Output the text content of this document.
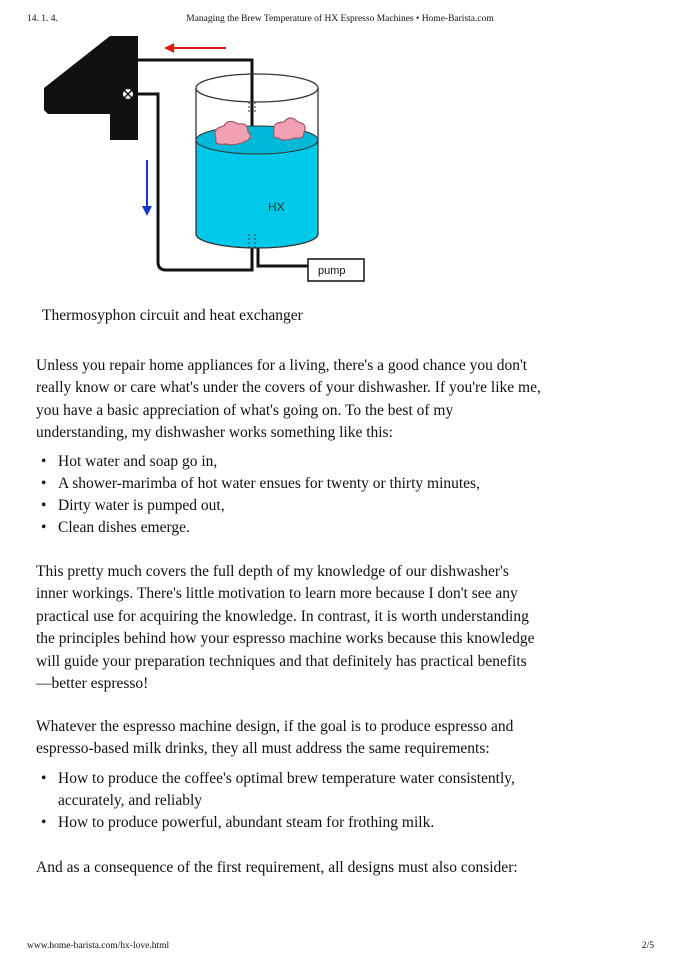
14. 1. 4.	Managing the Brew Temperature of HX Espresso Machines • Home-Barista.com
HX
pump
Thermosyphon circuit and heat exchanger

Unless you repair home appliances for a living, there's a good chance you don't
really know or care what's under the covers of your dishwasher. If you're like me,
you have a basic appreciation of what's going on. To the best of my
understanding, my dishwasher works something like this:

• Hot water and soap go in,
• A shower-marimba of hot water ensues for twenty or thirty minutes,
• Dirty water is pumped out,
• Clean dishes emerge.

This pretty much covers the full depth of my knowledge of our dishwasher's
inner workings. There's little motivation to learn more because I don't see any
practical use for acquiring the knowledge. In contrast, it is worth understanding
the principles behind how your espresso machine works because this knowledge
will guide your preparation techniques and that definitely has practical benefits
—better espresso!

Whatever the espresso machine design, if the goal is to produce espresso and
espresso-based milk drinks, they all must address the same requirements:

• How to produce the coffee's optimal brew temperature water consistently,
accurately, and reliably
• How to produce powerful, abundant steam for frothing milk.

And as a consequence of the first requirement, all designs must also consider:

www.home-barista.com/hx-love.html	2/5
